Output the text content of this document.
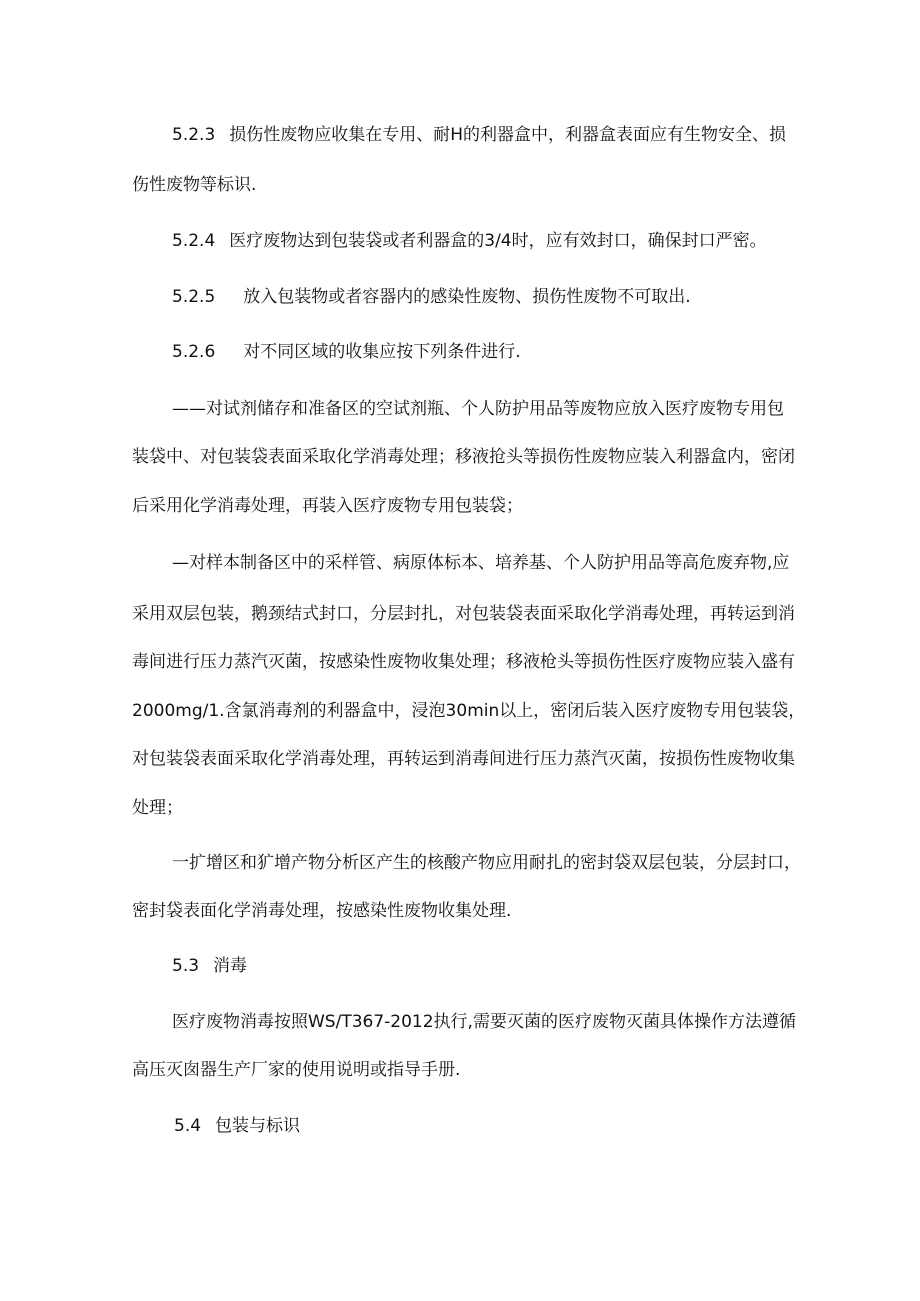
5.2.3 损伤性废物应收集在专用、耐H的利器盒中，利器盒表面应有生物安全、损
伤性废物等标识.
5.2.4 医疗废物达到包装袋或者利器盒的3/4时，应有效封口，确保封口严密。
5.2.5 放入包装物或者容器内的感染性废物、损伤性废物不可取出.
5.2.6 对不同区域的收集应按下列条件进行.
——对试剂储存和准备区的空试剂瓶、个人防护用品等废物应放入医疗废物专用包
装袋中、对包装袋表面采取化学消毒处理；移液抢头等损伤性废物应装入利器盒内，密闭
后采用化学消毒处理，再装入医疗废物专用包装袋；
—对样本制备区中的采样管、病原体标本、培养基、个人防护用品等高危废弃物,应
采用双层包装，鹅颈结式封口，分层封扎，对包装袋表面采取化学消毒处理，再转运到消
毒间进行压力蒸汽灭菌，按感染性废物收集处理；移液枪头等损伤性医疗废物应装入盛有
2000mg∕1.含氯消毒剂的利器盒中，浸泡30min以上，密闭后装入医疗废物专用包装袋，
对包装袋表面采取化学消毒处理，再转运到消毒间进行压力蒸汽灭菌，按损伤性废物收集
处理；
一扩增区和犷增产物分析区产生的核酸产物应用耐扎的密封袋双层包装，分层封口，
密封袋表面化学消毒处理，按感染性废物收集处理.
5.3 消毒
医疗废物消毒按照WS/T367-2012执行,需要灭菌的医疗废物灭菌具体操作方法遵循
高压灭囱器生产厂家的使用说明或指导手册.
5.4 包装与标识
